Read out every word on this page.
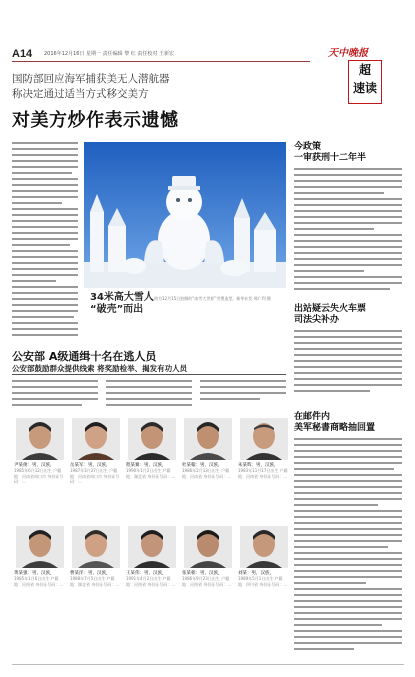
A14 2016年12月16日 星期一 责任编辑 黎 红 责任校对 王新宏	天中晚报
超
速读
国防部回应海军捕获美无人潜航器
称决定通过适当方式移交美方
对美方炒作表示遗憾
34米高大雪人
“破壳”而出
图为12月15日拍摄的“冰雪大世界”雪塑造型。新华社发 邢广利 摄
今政策
一审获刑十二年半
出站疑云失火车票
司法尖补办
在邮件内
美军秘書商略抽回置
公安部 A级通缉十名在逃人员
公安部鼓励群众提供线索 将奖励检举、揭发有功人员
尹某俊：男，汉族，
1985年6月12日出生 户籍地：河南省周口市 身份证号码：…
岳某军：男，汉族，
1987年3月27日出生 户籍地：河南省周口市 身份证号码：…
程某翼：男，汉族，
1990年1月2日出生 户籍地：湖北省 身份证号码：…
杜某翰：男，汉族，
1986年2月13日出生 户籍地：河南省 身份证号码：…
朱某辉：男，汉族，
1983年11月17日出生 户籍地：河南省 身份证号码：…
黄某强：男，汉族，
1985年1月6日出生 户籍地：河南省 身份证号码：…
曹某洋：男，汉族，
1988年7月5日出生 户籍地：湖北省 身份证号码：…
王某伟：男，汉族，
1991年4月2日出生 户籍地：河南省 身份证号码：…
张某朝：男，汉族，
1986年9月23日出生 户籍地：河南省 身份证号码：…
刘某：男，汉族，
1989年5月1日出生 户籍地：四川省 身份证号码：…
